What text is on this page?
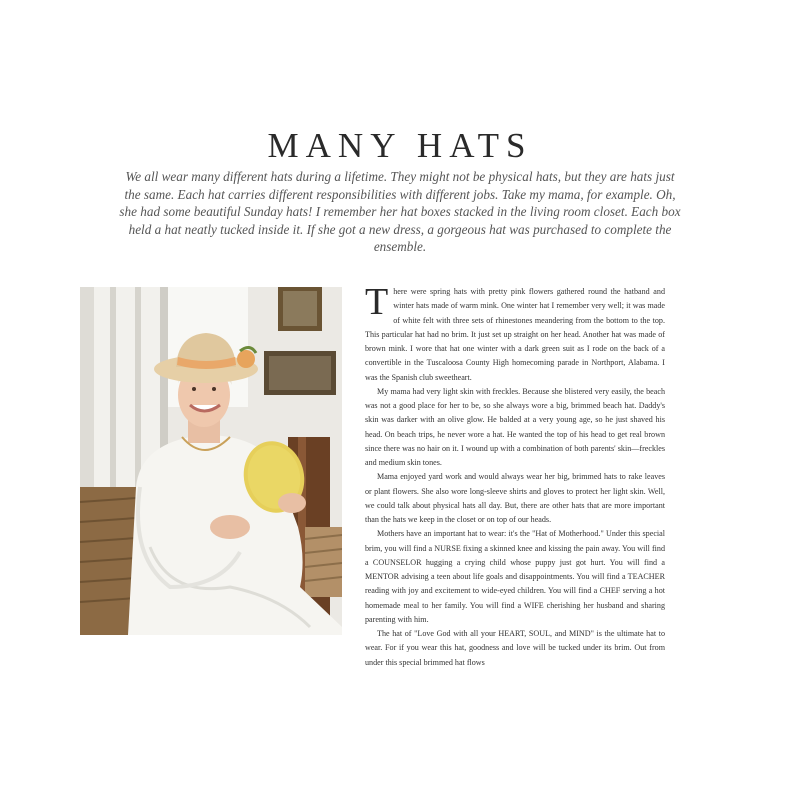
MANY HATS

We all wear many different hats during a lifetime. They might not be physical hats, but they are hats just the same. Each hat carries different responsibilities with different jobs. Take my mama, for example. Oh, she had some beautiful Sunday hats! I remember her hat boxes stacked in the living room closet. Each box held a hat neatly tucked inside it. If she got a new dress, a gorgeous hat was purchased to complete the ensemble.

There were spring hats with pretty pink flowers gathered round the hatband and winter hats made of warm mink. One winter hat I remember very well; it was made of white felt with three sets of rhinestones meandering from the bottom to the top. This particular hat had no brim. It just set up straight on her head. Another hat was made of brown mink. I wore that hat one winter with a dark green suit as I rode on the back of a convertible in the Tuscaloosa County High homecoming parade in Northport, Alabama. I was the Spanish club sweetheart.

My mama had very light skin with freckles. Because she blistered very easily, the beach was not a good place for her to be, so she always wore a big, brimmed beach hat. Daddy's skin was darker with an olive glow. He balded at a very young age, so he just shaved his head. On beach trips, he never wore a hat. He wanted the top of his head to get real brown since there was no hair on it. I wound up with a combination of both parents' skin—freckles and medium skin tones.

Mama enjoyed yard work and would always wear her big, brimmed hats to rake leaves or plant flowers. She also wore long-sleeve shirts and gloves to protect her light skin. Well, we could talk about physical hats all day. But, there are other hats that are more important than the hats we keep in the closet or on top of our heads.

Mothers have an important hat to wear: it's the "Hat of Motherhood." Under this special brim, you will find a NURSE fixing a skinned knee and kissing the pain away. You will find a COUNSELOR hugging a crying child whose puppy just got hurt. You will find a MENTOR advising a teen about life goals and disappointments. You will find a TEACHER reading with joy and excitement to wide-eyed children. You will find a CHEF serving a hot homemade meal to her family. You will find a WIFE cherishing her husband and sharing parenting with him.

The hat of "Love God with all your HEART, SOUL, and MIND" is the ultimate hat to wear. For if you wear this hat, goodness and love will be tucked under its brim. Out from under this special brimmed hat flows
